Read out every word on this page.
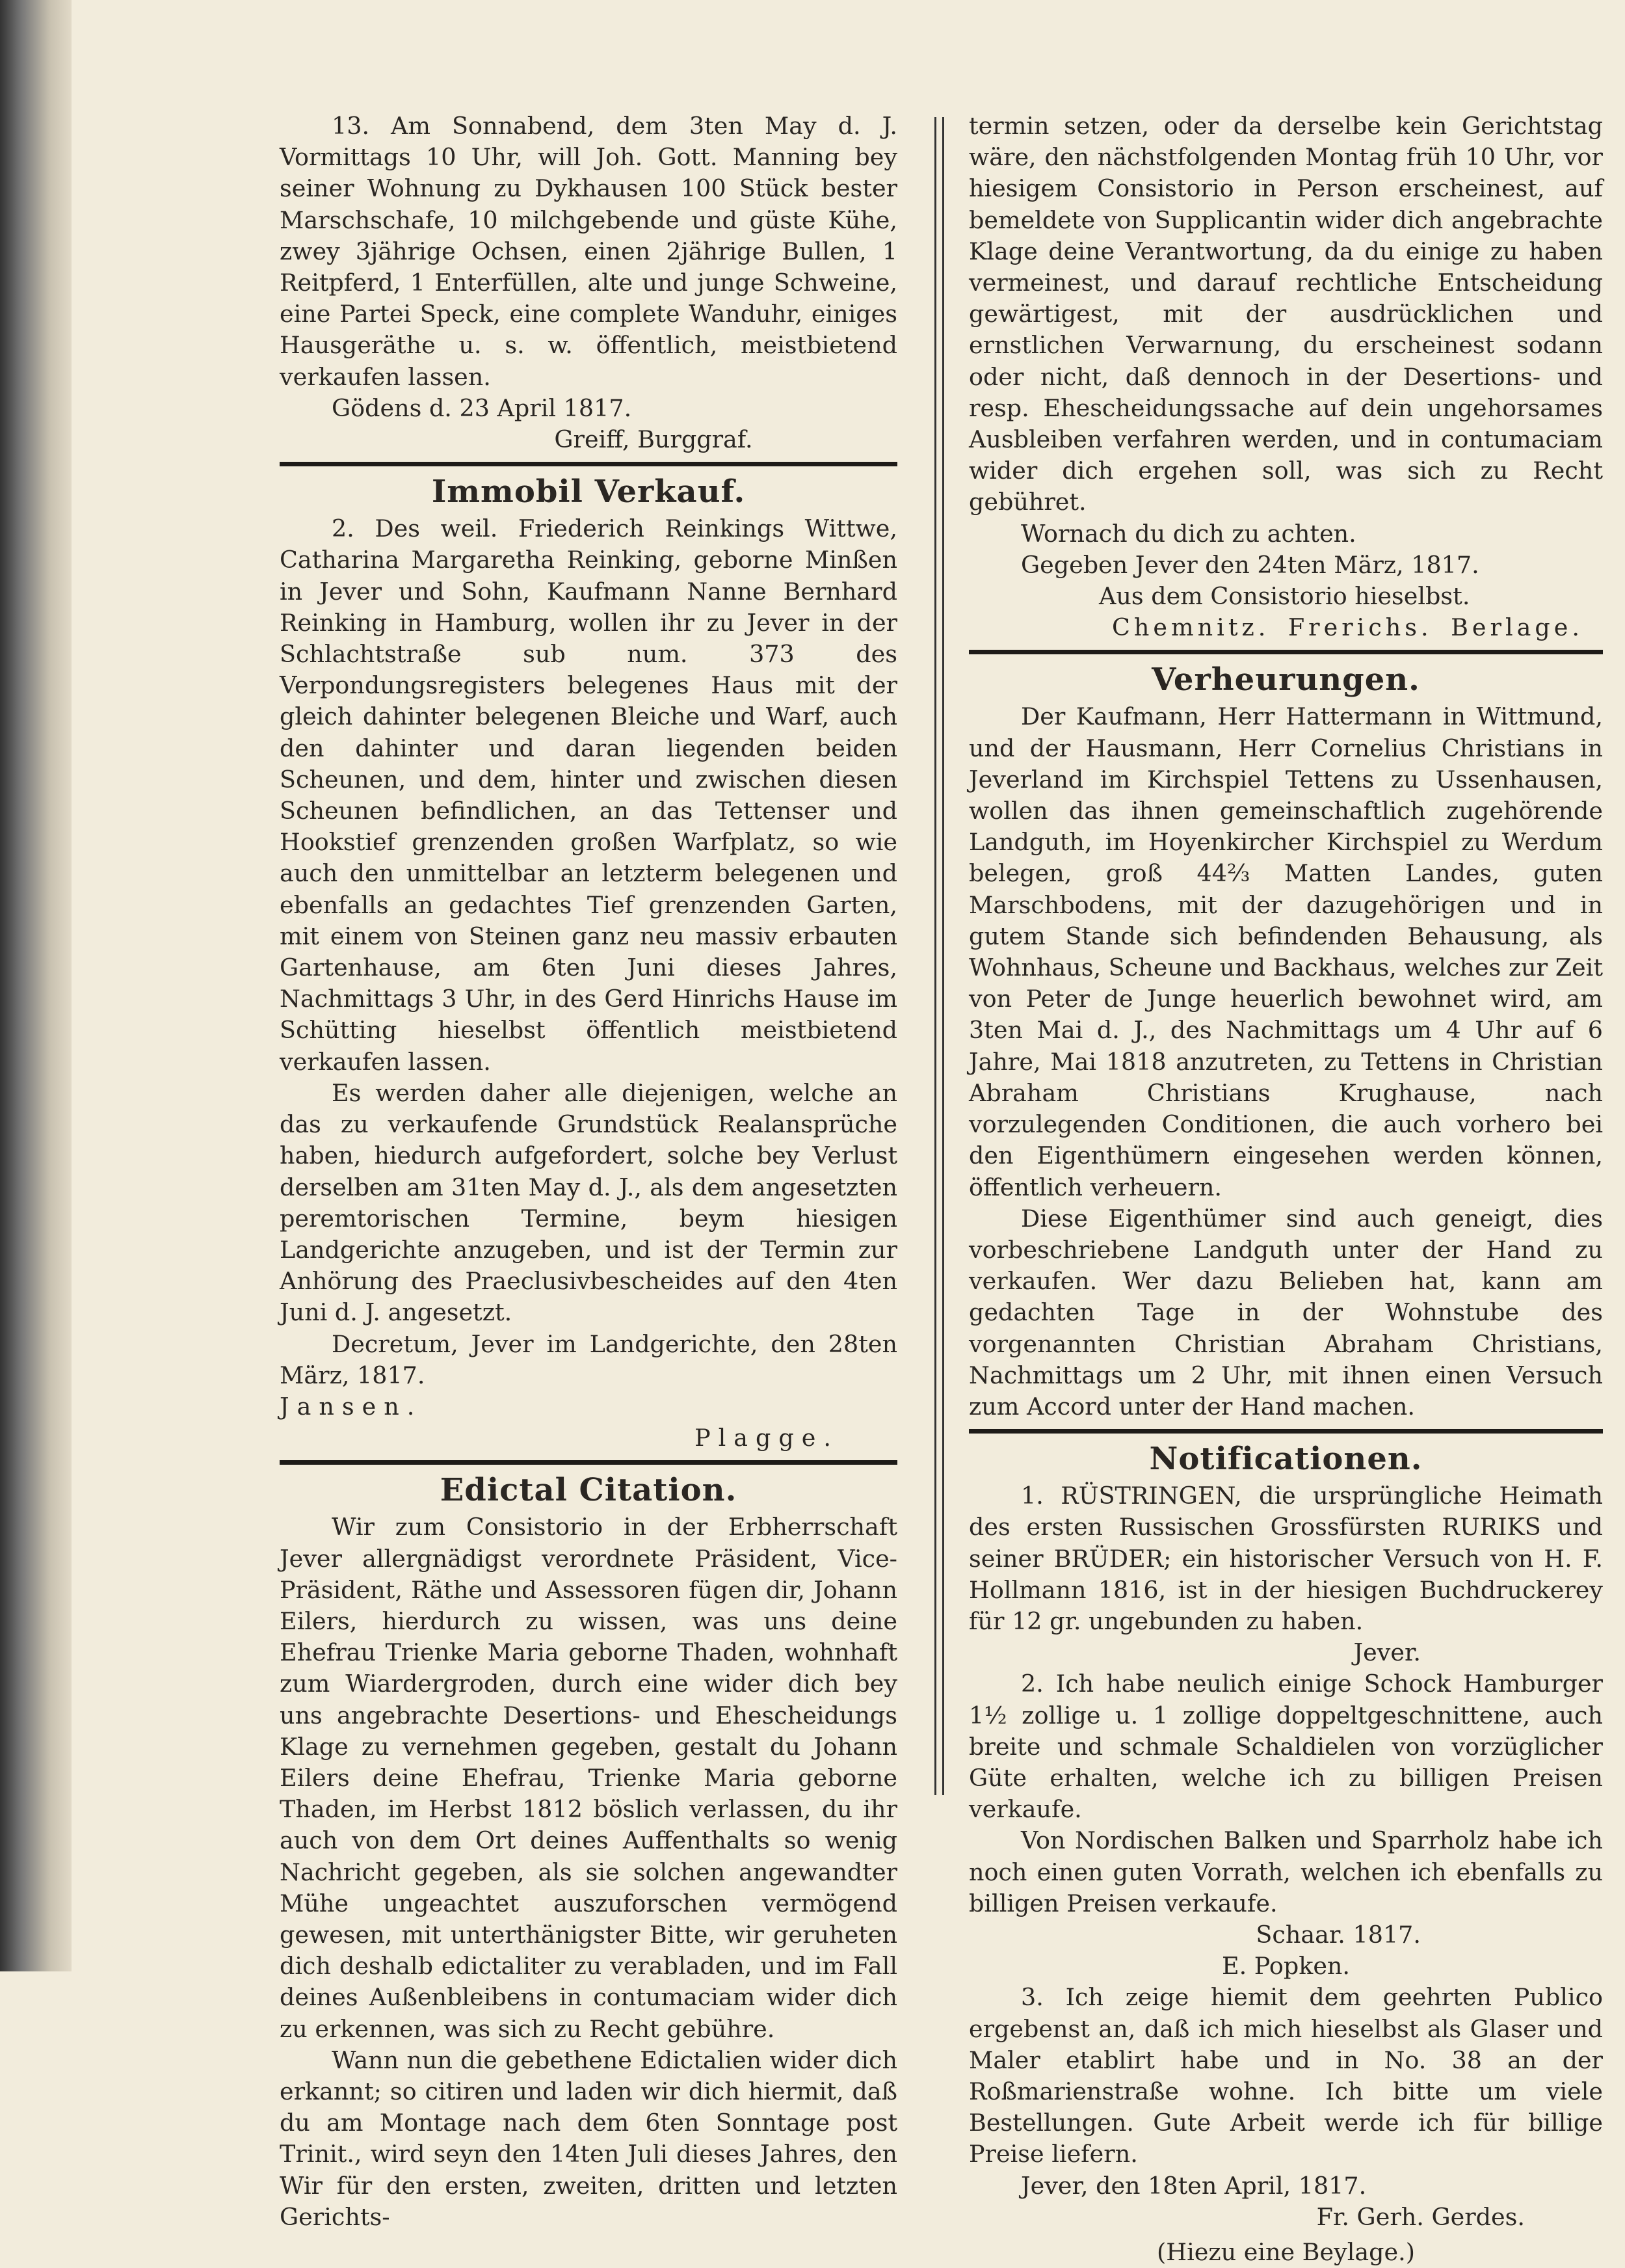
13. Am Sonnabend, dem 3ten May d. J. Vormittags 10 Uhr, will Joh. Gott. Manning bey seiner Wohnung zu Dykhausen 100 Stück bester Marschschafe, 10 milchgebende und güste Kühe, zwey 3jährige Ochsen, einen 2jährige Bullen, 1 Reitpferd, 1 Enterfüllen, alte und junge Schweine, eine Partei Speck, eine complete Wanduhr, einiges Hausgeräthe u. s. w. öffentlich, meistbietend verkaufen lassen.

Gödens d. 23 April 1817.

Greiff, Burggraf.

Immobil Verkauf.

2. Des weil. Friederich Reinkings Wittwe, Catharina Margaretha Reinking, geborne Minßen in Jever und Sohn, Kaufmann Nanne Bernhard Reinking in Hamburg, wollen ihr zu Jever in der Schlachtstraße sub num. 373 des Verpondungsregisters belegenes Haus mit der gleich dahinter belegenen Bleiche und Warf, auch den dahinter und daran liegenden beiden Scheunen, und dem, hinter und zwischen diesen Scheunen befindlichen, an das Tettenser und Hookstief grenzenden großen Warfplatz, so wie auch den unmittelbar an letzterm belegenen und ebenfalls an gedachtes Tief grenzenden Garten, mit einem von Steinen ganz neu massiv erbauten Gartenhause, am 6ten Juni dieses Jahres, Nachmittags 3 Uhr, in des Gerd Hinrichs Hause im Schütting hieselbst öffentlich meistbietend verkaufen lassen.

Es werden daher alle diejenigen, welche an das zu verkaufende Grundstück Realansprüche haben, hiedurch aufgefordert, solche bey Verlust derselben am 31ten May d. J., als dem angesetzten peremtorischen Termine, beym hiesigen Landgerichte anzugeben, und ist der Termin zur Anhörung des Praeclusivbescheides auf den 4ten Juni d. J. angesetzt.

Decretum, Jever im Landgerichte, den 28ten März, 1817.

Jansen.

Plagge.

Edictal Citation.

Wir zum Consistorio in der Erbherrschaft Jever allergnädigst verordnete Präsident, Vice-Präsident, Räthe und Assessoren fügen dir, Johann Eilers, hierdurch zu wissen, was uns deine Ehefrau Trienke Maria geborne Thaden, wohnhaft zum Wiardergroden, durch eine wider dich bey uns angebrachte Desertions- und Ehescheidungs Klage zu vernehmen gegeben, gestalt du Johann Eilers deine Ehefrau, Trienke Maria geborne Thaden, im Herbst 1812 böslich verlassen, du ihr auch von dem Ort deines Auffenthalts so wenig Nachricht gegeben, als sie solchen angewandter Mühe ungeachtet auszuforschen vermögend gewesen, mit unterthänigster Bitte, wir geruheten dich deshalb edictaliter zu verabladen, und im Fall deines Außenbleibens in contumaciam wider dich zu erkennen, was sich zu Recht gebühre.

Wann nun die gebethene Edictalien wider dich erkannt; so citiren und laden wir dich hiermit, daß du am Montage nach dem 6ten Sonntage post Trinit., wird seyn den 14ten Juli dieses Jahres, den Wir für den ersten, zweiten, dritten und letzten Gerichts-

termin setzen, oder da derselbe kein Gerichtstag wäre, den nächstfolgenden Montag früh 10 Uhr, vor hiesigem Consistorio in Person erscheinest, auf bemeldete von Supplicantin wider dich angebrachte Klage deine Verantwortung, da du einige zu haben vermeinest, und darauf rechtliche Entscheidung gewärtigest, mit der ausdrücklichen und ernstlichen Verwarnung, du erscheinest sodann oder nicht, daß dennoch in der Desertions- und resp. Ehescheidungssache auf dein ungehorsames Ausbleiben verfahren werden, und in contumaciam wider dich ergehen soll, was sich zu Recht gebühret.

Wornach du dich zu achten.

Gegeben Jever den 24ten März, 1817.

Aus dem Consistorio hieselbst.

Chemnitz. Frerichs. Berlage.

Verheurungen.

Der Kaufmann, Herr Hattermann in Wittmund, und der Hausmann, Herr Cornelius Christians in Jeverland im Kirchspiel Tettens zu Ussenhausen, wollen das ihnen gemeinschaftlich zugehörende Landguth, im Hoyenkircher Kirchspiel zu Werdum belegen, groß 44⅔ Matten Landes, guten Marschbodens, mit der dazugehörigen und in gutem Stande sich befindenden Behausung, als Wohnhaus, Scheune und Backhaus, welches zur Zeit von Peter de Junge heuerlich bewohnet wird, am 3ten Mai d. J., des Nachmittags um 4 Uhr auf 6 Jahre, Mai 1818 anzutreten, zu Tettens in Christian Abraham Christians Krughause, nach vorzulegenden Conditionen, die auch vorhero bei den Eigenthümern eingesehen werden können, öffentlich verheuern.

Diese Eigenthümer sind auch geneigt, dies vorbeschriebene Landguth unter der Hand zu verkaufen. Wer dazu Belieben hat, kann am gedachten Tage in der Wohnstube des vorgenannten Christian Abraham Christians, Nachmittags um 2 Uhr, mit ihnen einen Versuch zum Accord unter der Hand machen.

Notificationen.

1. RÜSTRINGEN, die ursprüngliche Heimath des ersten Russischen Grossfürsten RURIKS und seiner BRÜDER; ein historischer Versuch von H. F. Hollmann 1816, ist in der hiesigen Buchdruckerey für 12 gr. ungebunden zu haben.

Jever.

2. Ich habe neulich einige Schock Hamburger 1½ zollige u. 1 zollige doppeltgeschnittene, auch breite und schmale Schaldielen von vorzüglicher Güte erhalten, welche ich zu billigen Preisen verkaufe.

Von Nordischen Balken und Sparrholz habe ich noch einen guten Vorrath, welchen ich ebenfalls zu billigen Preisen verkaufe.

Schaar. 1817.

E. Popken.

3. Ich zeige hiemit dem geehrten Publico ergebenst an, daß ich mich hieselbst als Glaser und Maler etablirt habe und in No. 38 an der Roßmarienstraße wohne. Ich bitte um viele Bestellungen. Gute Arbeit werde ich für billige Preise liefern.

Jever, den 18ten April, 1817.

Fr. Gerh. Gerdes.

(Hiezu eine Beylage.)
